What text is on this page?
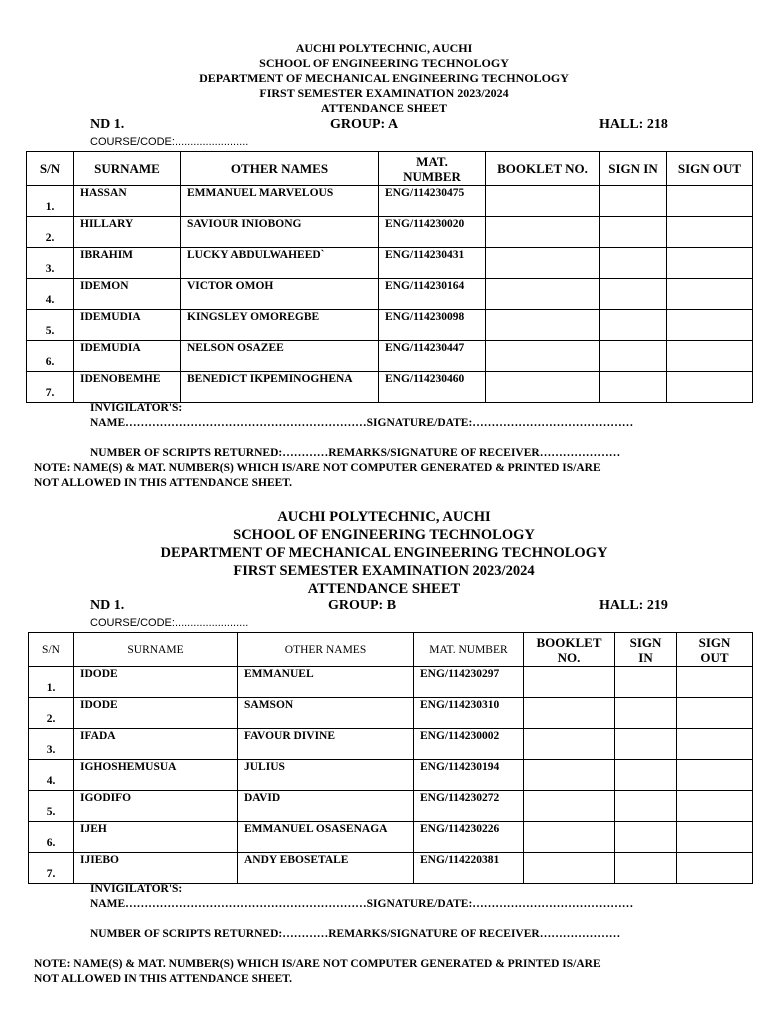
AUCHI POLYTECHNIC, AUCHI
SCHOOL OF ENGINEERING TECHNOLOGY
DEPARTMENT OF MECHANICAL ENGINEERING TECHNOLOGY
FIRST SEMESTER EXAMINATION 2023/2024
ATTENDANCE SHEET
ND 1.	GROUP: A	HALL: 218
COURSE/CODE:........................
S/N	SURNAME	OTHER NAMES	MAT. NUMBER	BOOKLET NO.	SIGN IN	SIGN OUT
1.	HASSAN	EMMANUEL MARVELOUS	ENG/114230475			
2.	HILLARY	SAVIOUR INIOBONG	ENG/114230020			
3.	IBRAHIM	LUCKY ABDULWAHEED`	ENG/114230431			
4.	IDEMON	VICTOR OMOH	ENG/114230164			
5.	IDEMUDIA	KINGSLEY OMOREGBE	ENG/114230098			
6.	IDEMUDIA	NELSON OSAZEE	ENG/114230447			
7.	IDENOBEMHE	BENEDICT IKPEMINOGHENA	ENG/114230460			
INVIGILATOR'S:
NAME………………………………………………………SIGNATURE/DATE:……………………………………
NUMBER OF SCRIPTS RETURNED:…………REMARKS/SIGNATURE OF RECEIVER…………………
NOTE: NAME(S) & MAT. NUMBER(S) WHICH IS/ARE NOT COMPUTER GENERATED & PRINTED IS/ARE
NOT ALLOWED IN THIS ATTENDANCE SHEET.
AUCHI POLYTECHNIC, AUCHI
SCHOOL OF ENGINEERING TECHNOLOGY
DEPARTMENT OF MECHANICAL ENGINEERING TECHNOLOGY
FIRST SEMESTER EXAMINATION 2023/2024
ATTENDANCE SHEET
ND 1.	GROUP: B	HALL: 219
COURSE/CODE:........................
S/N	SURNAME	OTHER NAMES	MAT. NUMBER	BOOKLET NO.	SIGN IN	SIGN OUT
1.	IDODE	EMMANUEL	ENG/114230297			
2.	IDODE	SAMSON	ENG/114230310			
3.	IFADA	FAVOUR DIVINE	ENG/114230002			
4.	IGHOSHEMUSUA	JULIUS	ENG/114230194			
5.	IGODIFO	DAVID	ENG/114230272			
6.	IJEH	EMMANUEL OSASENAGA	ENG/114230226			
7.	IJIEBO	ANDY EBOSETALE	ENG/114220381			
INVIGILATOR'S:
NAME………………………………………………………SIGNATURE/DATE:……………………………………
NUMBER OF SCRIPTS RETURNED:…………REMARKS/SIGNATURE OF RECEIVER…………………
NOTE: NAME(S) & MAT. NUMBER(S) WHICH IS/ARE NOT COMPUTER GENERATED & PRINTED IS/ARE
NOT ALLOWED IN THIS ATTENDANCE SHEET.
